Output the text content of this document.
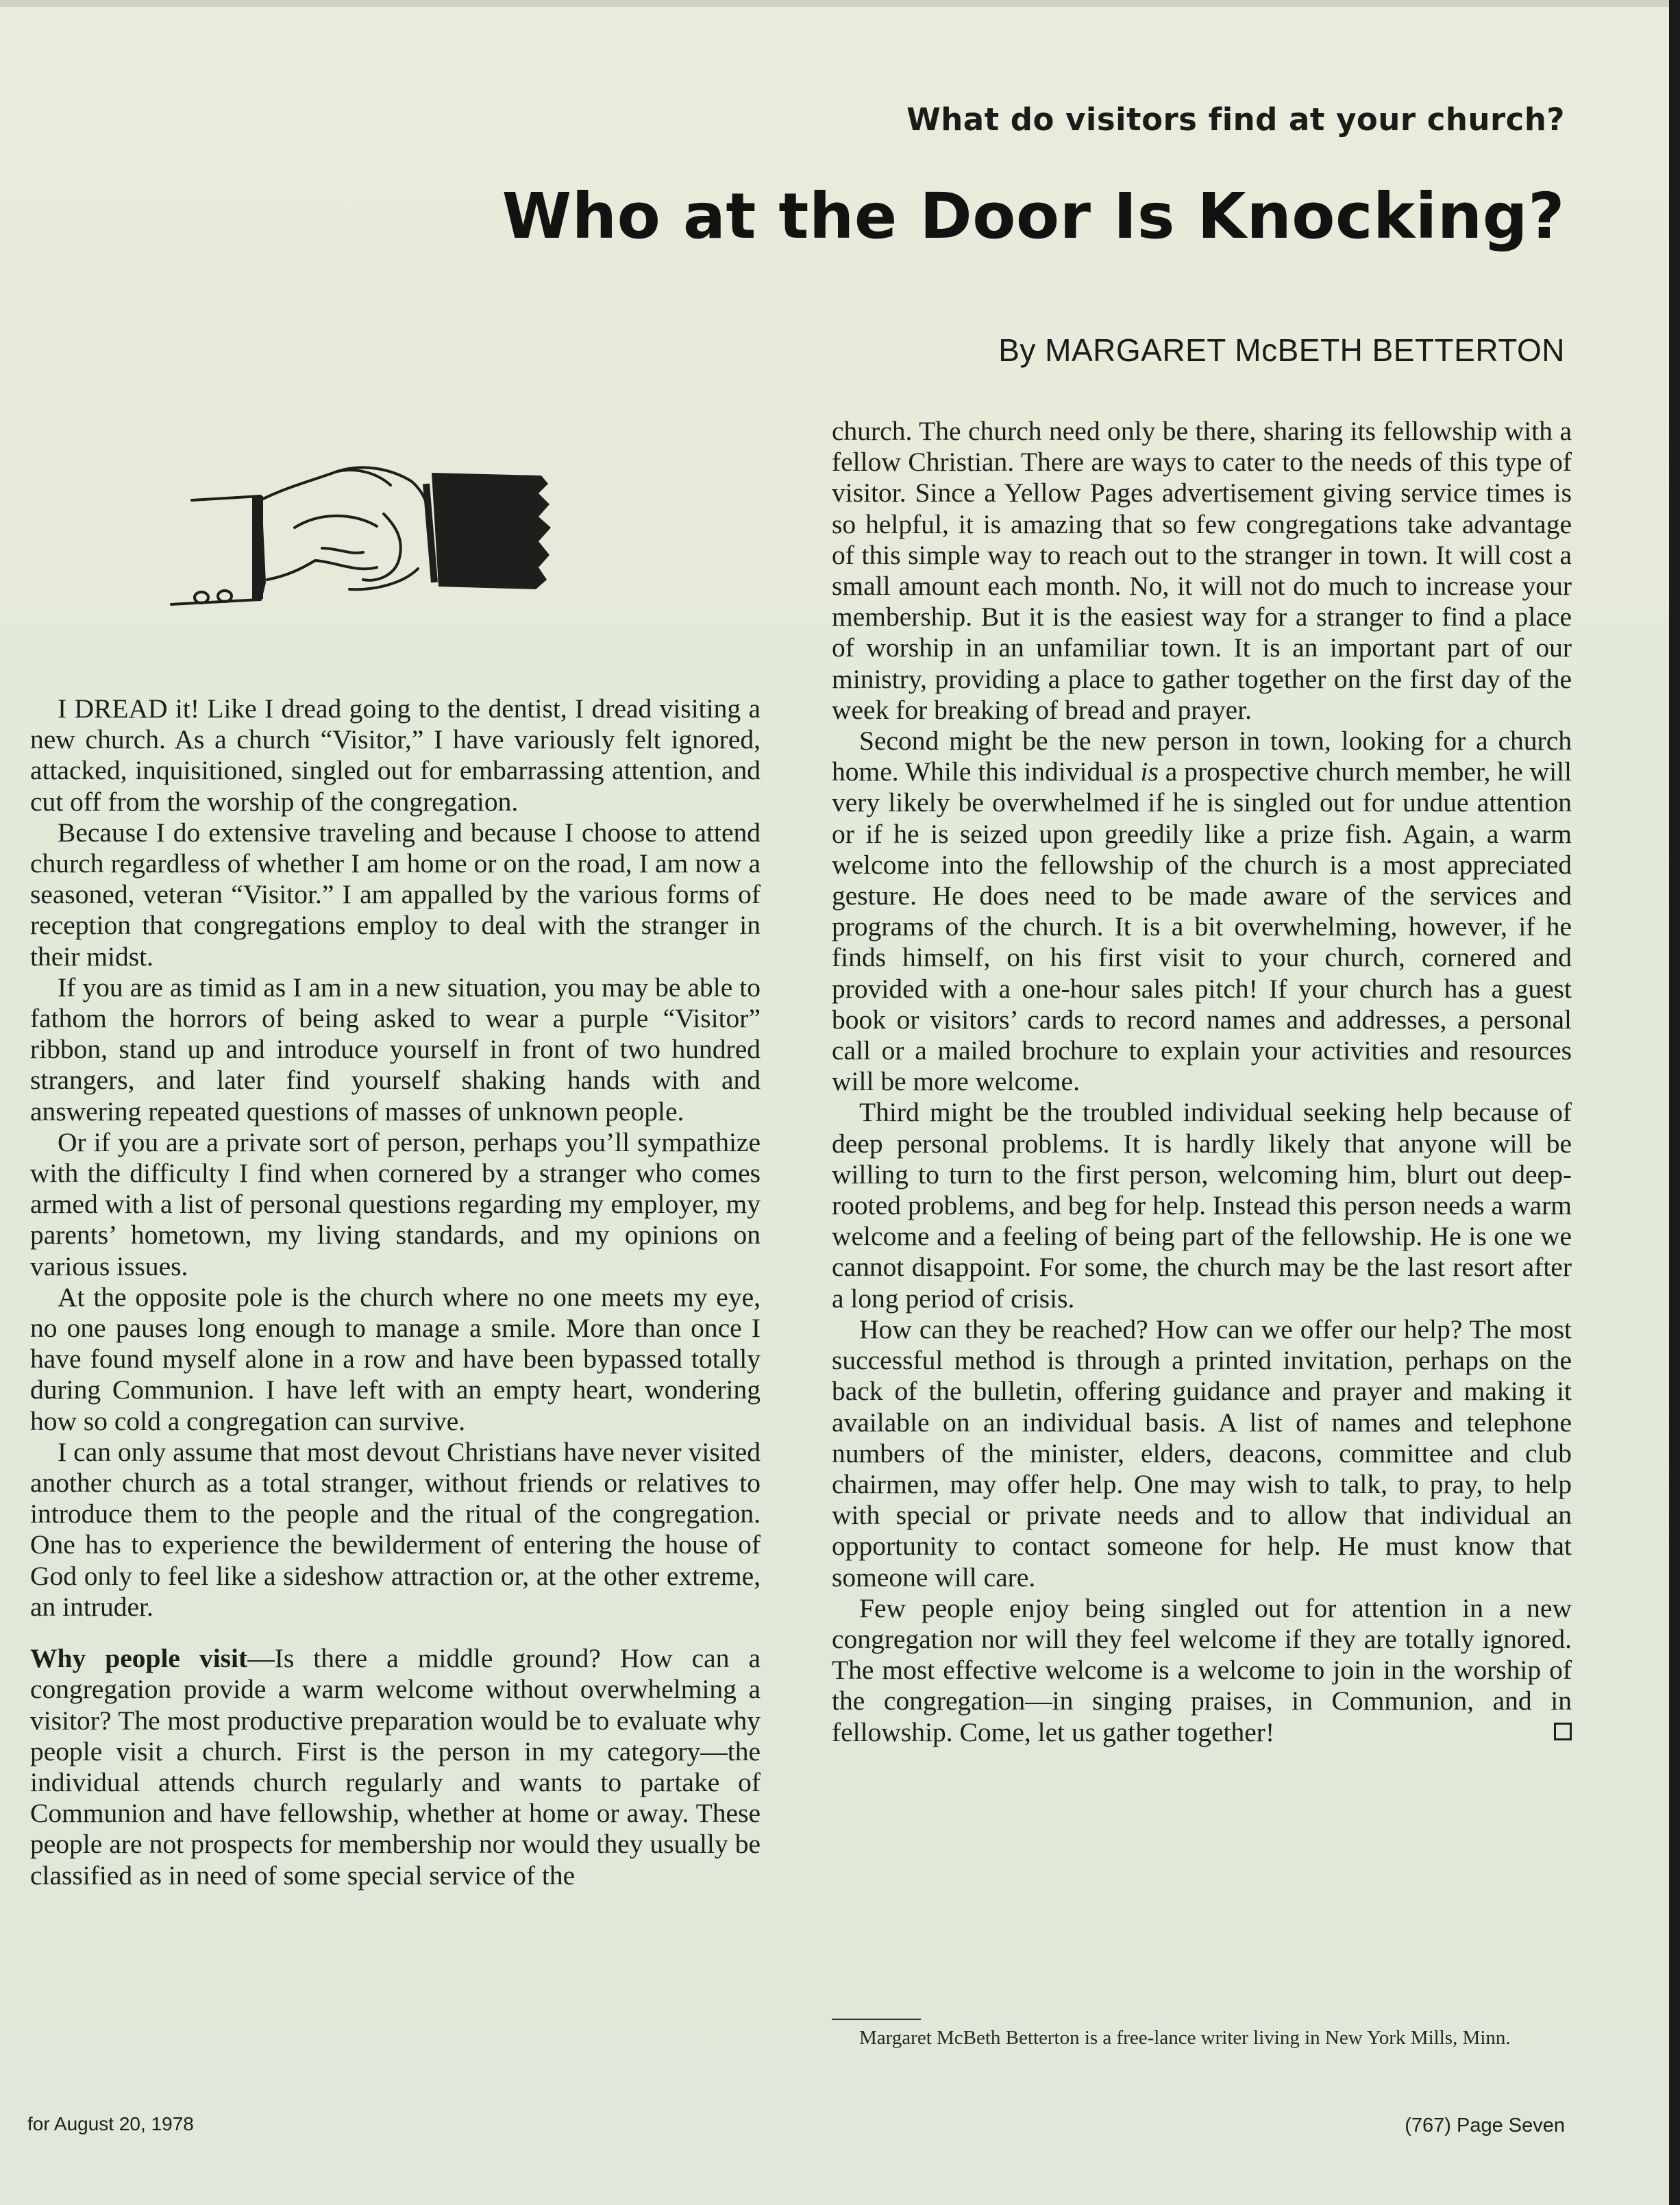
What do visitors find at your church?
Who at the Door Is Knocking?
By MARGARET McBETH BETTERTON

I DREAD it! Like I dread going to the dentist, I dread visiting a new church. As a church “Visitor,” I have variously felt ignored, attacked, inquisitioned, singled out for embarrassing attention, and cut off from the worship of the congregation.

Because I do extensive traveling and because I choose to attend church regardless of whether I am home or on the road, I am now a seasoned, veteran “Visitor.” I am appalled by the various forms of reception that congregations employ to deal with the stranger in their midst.

If you are as timid as I am in a new situation, you may be able to fathom the horrors of being asked to wear a purple “Visitor” ribbon, stand up and introduce yourself in front of two hundred strangers, and later find yourself shaking hands with and answering repeated questions of masses of unknown people.

Or if you are a private sort of person, perhaps you’ll sympathize with the difficulty I find when cornered by a stranger who comes armed with a list of personal questions regarding my employer, my parents’ hometown, my living standards, and my opinions on various issues.

At the opposite pole is the church where no one meets my eye, no one pauses long enough to manage a smile. More than once I have found myself alone in a row and have been bypassed totally during Communion. I have left with an empty heart, wondering how so cold a congregation can survive.

I can only assume that most devout Christians have never visited another church as a total stranger, without friends or relatives to introduce them to the people and the ritual of the congregation. One has to experience the bewilderment of entering the house of God only to feel like a sideshow attraction or, at the other extreme, an intruder.

Why people visit—Is there a middle ground? How can a congregation provide a warm welcome without overwhelming a visitor? The most productive preparation would be to evaluate why people visit a church. First is the person in my category—the individual attends church regularly and wants to partake of Communion and have fellowship, whether at home or away. These people are not prospects for membership nor would they usually be classified as in need of some special service of the

church. The church need only be there, sharing its fellowship with a fellow Christian. There are ways to cater to the needs of this type of visitor. Since a Yellow Pages advertisement giving service times is so helpful, it is amazing that so few congregations take advantage of this simple way to reach out to the stranger in town. It will cost a small amount each month. No, it will not do much to increase your membership. But it is the easiest way for a stranger to find a place of worship in an unfamiliar town. It is an important part of our ministry, providing a place to gather together on the first day of the week for breaking of bread and prayer.

Second might be the new person in town, looking for a church home. While this individual is a prospective church member, he will very likely be overwhelmed if he is singled out for undue attention or if he is seized upon greedily like a prize fish. Again, a warm welcome into the fellowship of the church is a most appreciated gesture. He does need to be made aware of the services and programs of the church. It is a bit overwhelming, however, if he finds himself, on his first visit to your church, cornered and provided with a one-hour sales pitch! If your church has a guest book or visitors’ cards to record names and addresses, a personal call or a mailed brochure to explain your activities and resources will be more welcome.

Third might be the troubled individual seeking help because of deep personal problems. It is hardly likely that anyone will be willing to turn to the first person, welcoming him, blurt out deep-rooted problems, and beg for help. Instead this person needs a warm welcome and a feeling of being part of the fellowship. He is one we cannot disappoint. For some, the church may be the last resort after a long period of crisis.

How can they be reached? How can we offer our help? The most successful method is through a printed invitation, perhaps on the back of the bulletin, offering guidance and prayer and making it available on an individual basis. A list of names and telephone numbers of the minister, elders, deacons, committee and club chairmen, may offer help. One may wish to talk, to pray, to help with special or private needs and to allow that individual an opportunity to contact someone for help. He must know that someone will care.

Few people enjoy being singled out for attention in a new congregation nor will they feel welcome if they are totally ignored. The most effective welcome is a welcome to join in the worship of the congregation—in singing praises, in Communion, and in fellowship. Come, let us gather together!

Margaret McBeth Betterton is a free-lance writer living in New York Mills, Minn.
for August 20, 1978	(767) Page Seven
